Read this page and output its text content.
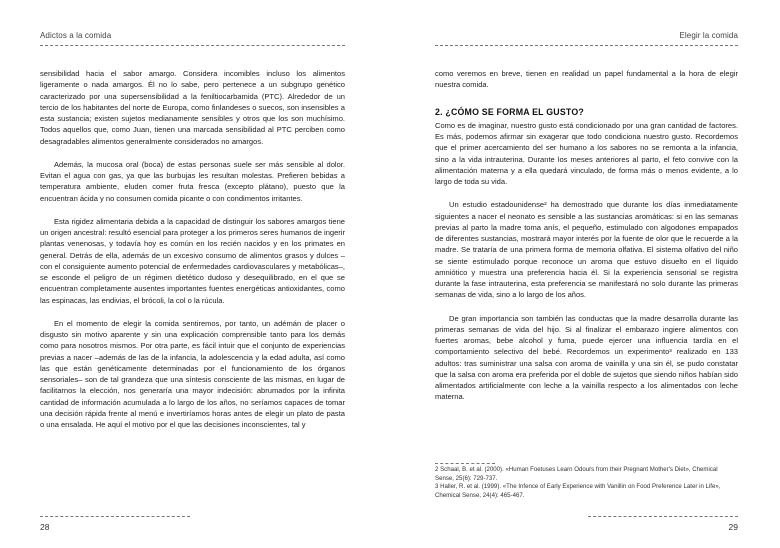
Adictos a la comida

sensibilidad hacia el sabor amargo. Considera incomibles incluso los alimentos ligeramente o nada amargos. Él no lo sabe, pero pertenece a un subgrupo genético caracterizado por una supersensibilidad a la feniltiocarbamida (PTC). Alrededor de un tercio de los habitantes del norte de Europa, como finlandeses o suecos, son insensibles a esta sustancia; existen sujetos medianamente sensibles y otros que los son muchísimo. Todos aquellos que, como Juan, tienen una marcada sensibilidad al PTC perciben como desagradables alimentos generalmente considerados no amargos.

Además, la mucosa oral (boca) de estas personas suele ser más sensible al dolor. Evitan el agua con gas, ya que las burbujas les resultan molestas. Prefieren bebidas a temperatura ambiente, eluden comer fruta fresca (excepto plátano), puesto que la encuentran ácida y no consumen comida picante o con condimentos irritantes.

Esta rigidez alimentaria debida a la capacidad de distinguir los sabores amargos tiene un origen ancestral: resultó esencial para proteger a los primeros seres humanos de ingerir plantas venenosas, y todavía hoy es común en los recién nacidos y en los primates en general. Detrás de ella, además de un excesivo consumo de alimentos grasos y dulces –con el consiguiente aumento potencial de enfermedades cardiovasculares y metabólicas–, se esconde el peligro de un régimen dietético dudoso y desequilibrado, en el que se encuentran completamente ausentes importantes fuentes energéticas antioxidantes, como las espinacas, las endivias, el brócoli, la col o la rúcula.

En el momento de elegir la comida sentiremos, por tanto, un adémán de placer o disgusto sin motivo aparente y sin una explicación comprensible tanto para los demás como para nosotros mismos. Por otra parte, es fácil intuir que el conjunto de experiencias previas a nacer –además de las de la infancia, la adolescencia y la edad adulta, así como las que están genéticamente determinadas por el funcionamiento de los órganos sensoriales– son de tal grandeza que una síntesis consciente de las mismas, en lugar de facilitarnos la elección, nos generaría una mayor indecisión: abrumados por la infinita cantidad de información acumulada a lo largo de los años, no seríamos capaces de tomar una decisión rápida frente al menú e invertiríamos horas antes de elegir un plato de pasta o una ensalada. He aquí el motivo por el que las decisiones inconscientes, tal y

28
Elegir la comida

como veremos en breve, tienen en realidad un papel fundamental a la hora de elegir nuestra comida.

2. ¿CÓMO SE FORMA EL GUSTO?

Como es de imaginar, nuestro gusto está condicionado por una gran cantidad de factores. Es más, podemos afirmar sin exagerar que todo condiciona nuestro gusto. Recordemos que el primer acercamiento del ser humano a los sabores no se remonta a la infancia, sino a la vida intrauterina. Durante los meses anteriores al parto, el feto convive con la alimentación materna y a ella quedará vinculado, de forma más o menos evidente, a lo largo de toda su vida.

Un estudio estadounidense² ha demostrado que durante los días inmediatamente siguientes a nacer el neonato es sensible a las sustancias aromáticas: si en las semanas previas al parto la madre toma anís, el pequeño, estimulado con algodones empapados de diferentes sustancias, mostrará mayor interés por la fuente de olor que le recuerde a la madre. Se trataría de una primera forma de memoria olfativa. El sistema olfativo del niño se siente estimulado porque reconoce un aroma que estuvo disuelto en el líquido amniótico y muestra una preferencia hacia él. Si la experiencia sensorial se registra durante la fase intrauterina, esta preferencia se manifestará no solo durante las primeras semanas de vida, sino a lo largo de los años.

De gran importancia son también las conductas que la madre desarrolla durante las primeras semanas de vida del hijo. Si al finalizar el embarazo ingiere alimentos con fuertes aromas, bebe alcohol y fuma, puede ejercer una influencia tardía en el comportamiento selectivo del bebé. Recordemos un experimento³ realizado en 133 adultos: tras suministrar una salsa con aroma de vainilla y una sin él, se pudo constatar que la salsa con aroma era preferida por el doble de sujetos que siendo niños habían sido alimentados artificialmente con leche a la vainilla respecto a los alimentados con leche materna.

2 Schaal, B. et al. (2000). «Human Foetuses Learn Odours from their Pregnant Mother's Diet», Chemical Sense, 25(6): 729-737.

3 Haller, R. et al. (1999). «The Infence of Early Experience with Vanillin on Food Preference Later in Life», Chemical Sense, 24(4): 465-467.

29
